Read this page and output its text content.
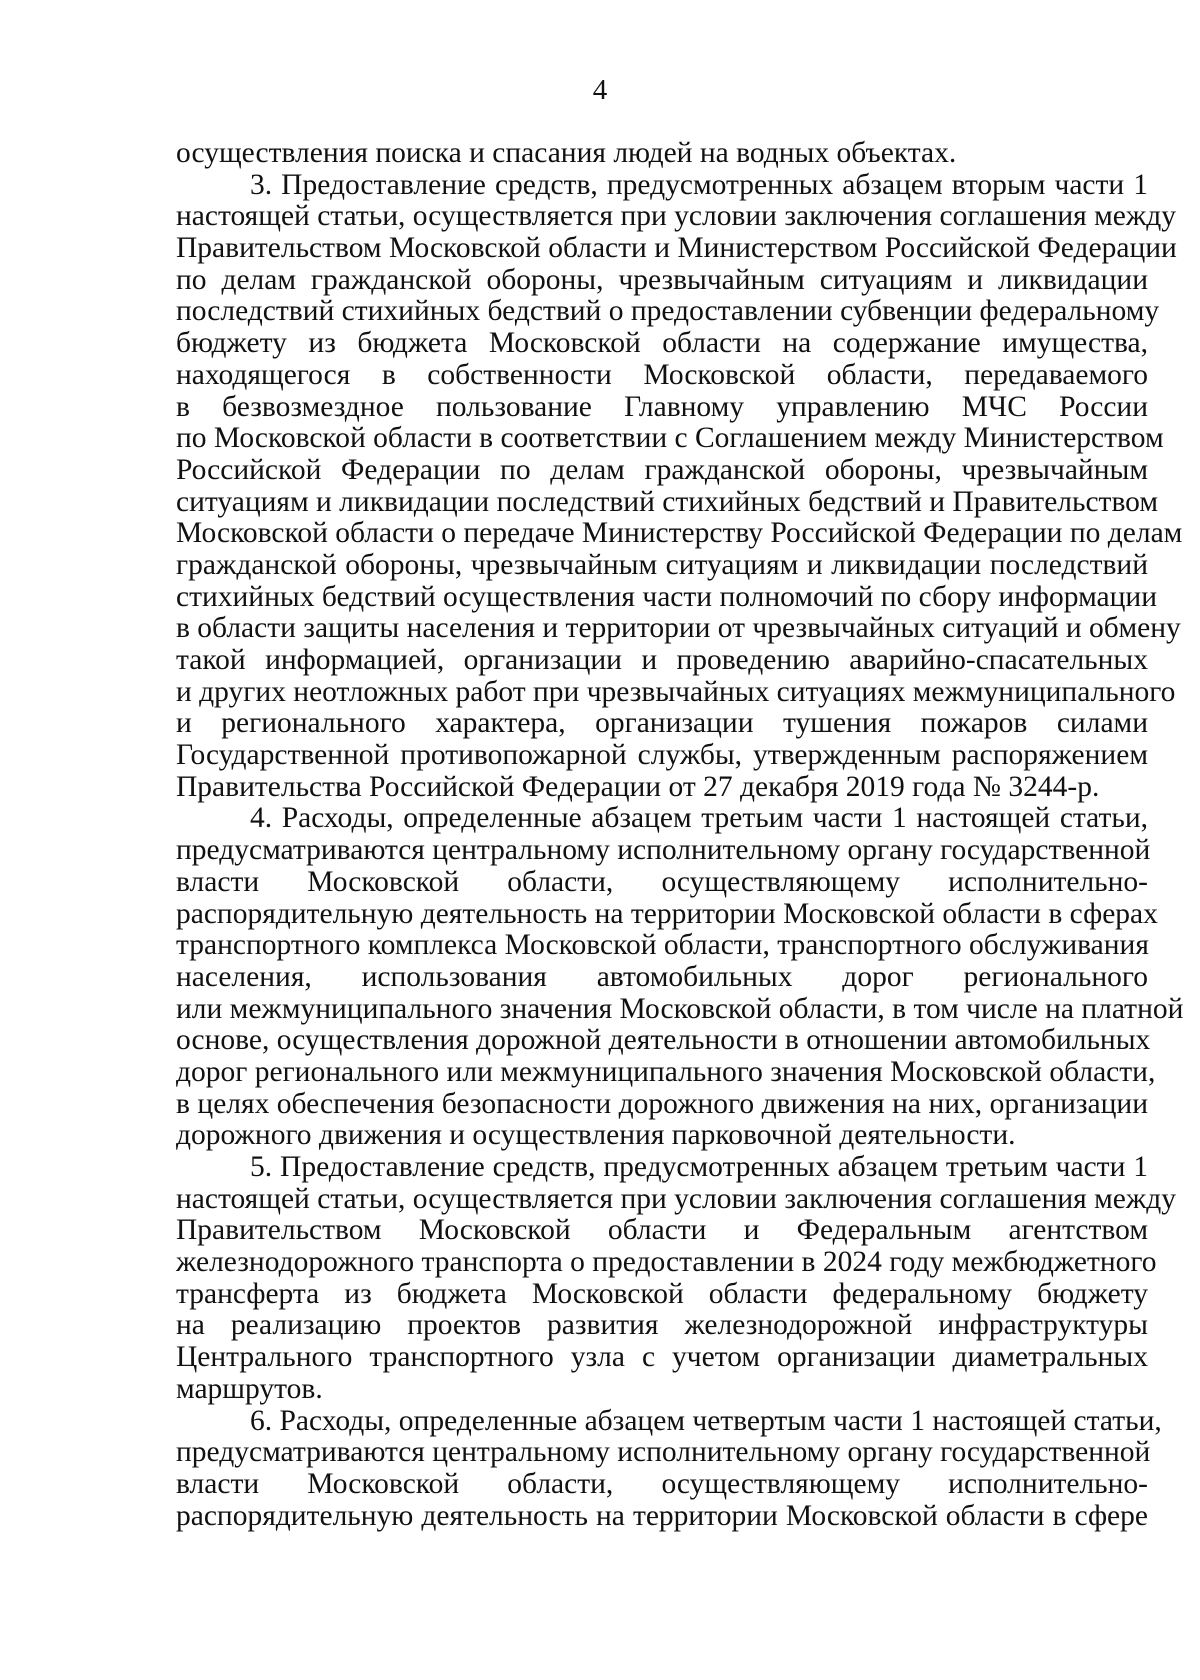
4
осуществления поиска и спасания людей на водных объектах.
3. Предоставление средств, предусмотренных абзацем вторым части 1
настоящей статьи, осуществляется при условии заключения соглашения между
Правительством Московской области и Министерством Российской Федерации
по делам гражданской обороны, чрезвычайным ситуациям и ликвидации
последствий стихийных бедствий о предоставлении субвенции федеральному
бюджету из бюджета Московской области на содержание имущества,
находящегося в собственности Московской области, передаваемого
в безвозмездное пользование Главному управлению МЧС России
по Московской области в соответствии с Соглашением между Министерством
Российской Федерации по делам гражданской обороны, чрезвычайным
ситуациям и ликвидации последствий стихийных бедствий и Правительством
Московской области о передаче Министерству Российской Федерации по делам
гражданской обороны, чрезвычайным ситуациям и ликвидации последствий
стихийных бедствий осуществления части полномочий по сбору информации
в области защиты населения и территории от чрезвычайных ситуаций и обмену
такой информацией, организации и проведению аварийно-спасательных
и других неотложных работ при чрезвычайных ситуациях межмуниципального
и регионального характера, организации тушения пожаров силами
Государственной противопожарной службы, утвержденным распоряжением
Правительства Российской Федерации от 27 декабря 2019 года № 3244-р.
4. Расходы, определенные абзацем третьим части 1 настоящей статьи,
предусматриваются центральному исполнительному органу государственной
власти Московской области, осуществляющему исполнительно-
распорядительную деятельность на территории Московской области в сферах
транспортного комплекса Московской области, транспортного обслуживания
населения, использования автомобильных дорог регионального
или межмуниципального значения Московской области, в том числе на платной
основе, осуществления дорожной деятельности в отношении автомобильных
дорог регионального или межмуниципального значения Московской области,
в целях обеспечения безопасности дорожного движения на них, организации
дорожного движения и осуществления парковочной деятельности.
5. Предоставление средств, предусмотренных абзацем третьим части 1
настоящей статьи, осуществляется при условии заключения соглашения между
Правительством Московской области и Федеральным агентством
железнодорожного транспорта о предоставлении в 2024 году межбюджетного
трансферта из бюджета Московской области федеральному бюджету
на реализацию проектов развития железнодорожной инфраструктуры
Центрального транспортного узла с учетом организации диаметральных
маршрутов.
6. Расходы, определенные абзацем четвертым части 1 настоящей статьи,
предусматриваются центральному исполнительному органу государственной
власти Московской области, осуществляющему исполнительно-
распорядительную деятельность на территории Московской области в сфере
